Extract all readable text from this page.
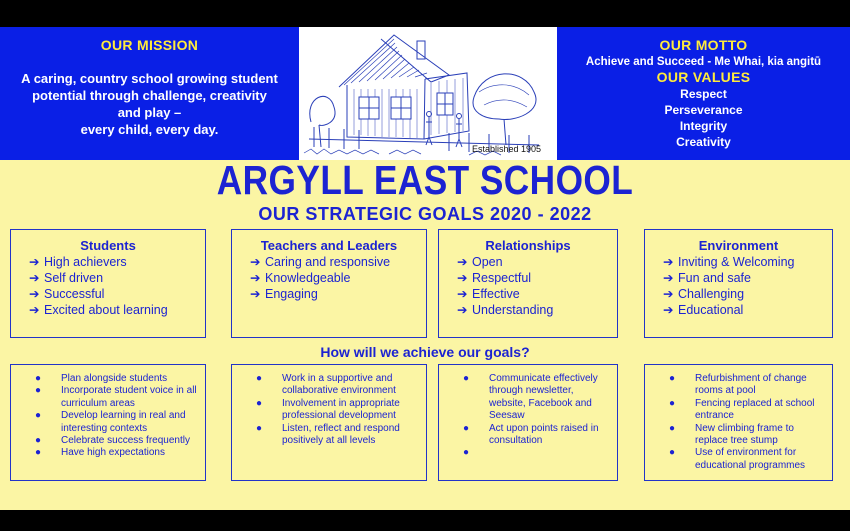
OUR MISSION
A caring, country school growing student
potential through challenge, creativity
and play –
every child, every day.
Established 1905
OUR MOTTO
Achieve and Succeed - Me Whai, kia angitū
OUR VALUES
Respect
Perseverance
Integrity
Creativity
ARGYLL EAST SCHOOL
OUR STRATEGIC GOALS 2020 - 2022
Students
➔ High achievers
➔ Self driven
➔ Successful
➔ Excited about learning
Teachers and Leaders
➔ Caring and responsive
➔ Knowledgeable
➔ Engaging
Relationships
➔ Open
➔ Respectful
➔ Effective
➔ Understanding
Environment
➔ Inviting & Welcoming
➔ Fun and safe
➔ Challenging
➔ Educational
How will we achieve our goals?
●	Plan alongside students
●	Incorporate student voice in all curriculum areas
●	Develop learning in real and interesting contexts
●	Celebrate success frequently
●	Have high expectations
●	Work in a supportive and collaborative environment
●	Involvement in appropriate professional development
●	Listen, reflect and respond positively at all levels
●	Communicate effectively through newsletter, website, Facebook and Seesaw
●	Act upon points raised in consultation
●
●	Refurbishment of change rooms at pool
●	Fencing replaced at school entrance
●	New climbing frame to replace tree stump
●	Use of environment for educational programmes
